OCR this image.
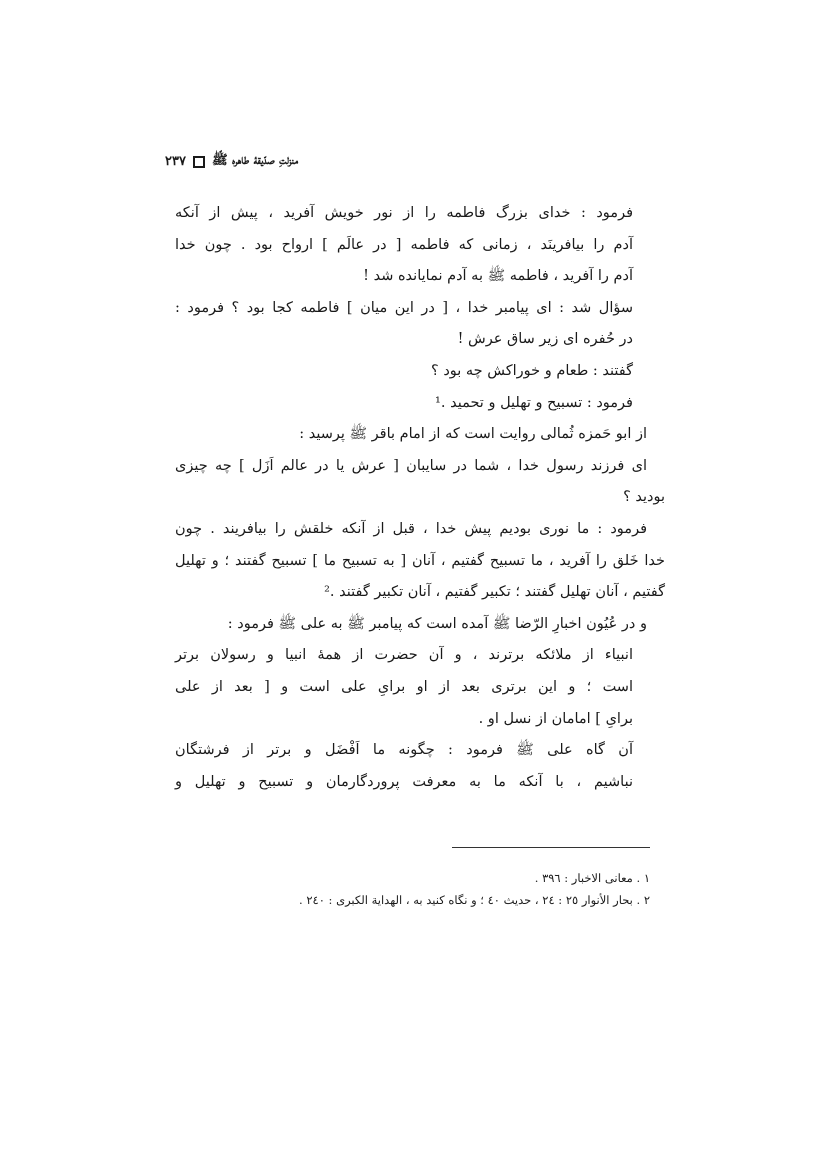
٢٣٧ منزلتِ صدّيقهٔ طاهره ﷺ
فرمود : خدای بزرگ فاطمه را از نور خویش آفرید ، پیش از آنکه
آدم را بیافرینَد ، زمانی که فاطمه [ در عالَم ] ارواح بود . چون خدا
آدم را آفرید ، فاطمه ﷺ به آدم نمایانده شد !
سؤال شد : ای پیامبر خدا ، [ در این میان ] فاطمه کجا بود ؟ فرمود :
در حُفره ای زیر ساق عرش !
گفتند : طعام و خوراکش چه بود ؟
فرمود : تسبیح و تهلیل و تحمید .¹
از ابو حَمزه ثُمالی روایت است که از امام باقر ﷺ پرسید :
ای فرزند رسول خدا ، شما در سایبان [ عرش یا در عالم اَزَل ] چه چیزی
بودید ؟
فرمود : ما نوری بودیم پیش خدا ، قبل از آنکه خلقش را بیافریند . چون
خدا خَلق را آفرید ، ما تسبیح گفتیم ، آنان [ به تسبیح ما ] تسبیح گفتند ؛ و تهلیل
گفتیم ، آنان تهلیل گفتند ؛ تکبیر گفتیم ، آنان تکبیر گفتند .²
و در عُیُون اخبارِ الرّضا ﷺ آمده است که پیامبر ﷺ به علی ﷺ فرمود :
انبیاء از ملائکه برترند ، و آن حضرت از همهٔ انبیا و رسولان برتر
است ؛ و این برتری بعد از او برایِ علی است و [ بعد از علی
برایِ ] امامان از نسل او .
آن گاه علی ﷺ فرمود : چگونه ما اَفْضَل و برتر از فرشتگان
نباشیم ، با آنکه ما به معرفت پروردگارمان و تسبیح و تهلیل و
١ . معانی الاخبار : ٣٩٦ .
٢ . بحار الأنوار ٢٥ : ٢٤ ، حدیث ٤٠ ؛ و نگاه کنید به ، الهدایة الکبری : ٢٤٠ .
